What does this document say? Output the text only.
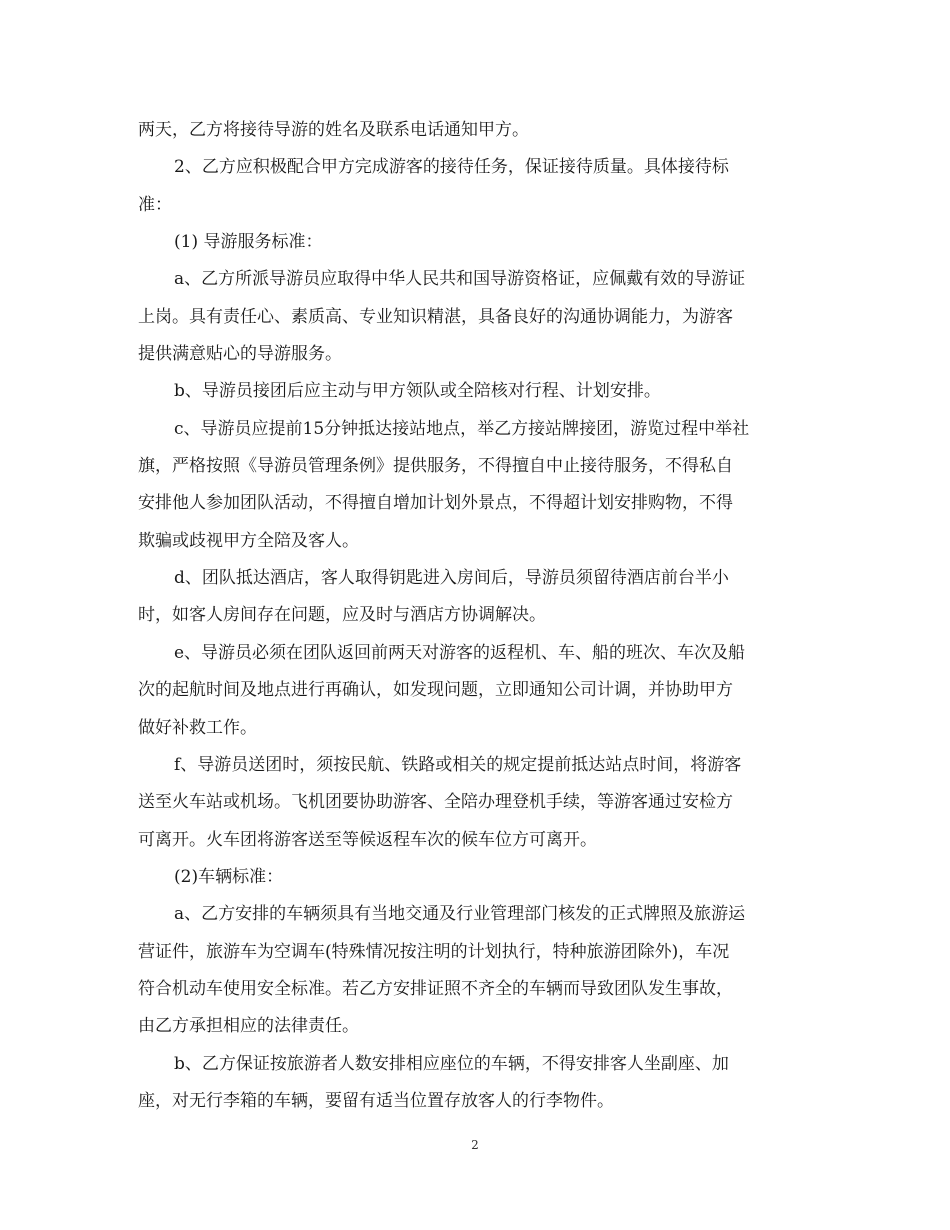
两天，乙方将接待导游的姓名及联系电话通知甲方。
2、乙方应积极配合甲方完成游客的接待任务，保证接待质量。具体接待标
准：
(1) 导游服务标准：
a、乙方所派导游员应取得中华人民共和国导游资格证，应佩戴有效的导游证
上岗。具有责任心、素质高、专业知识精湛，具备良好的沟通协调能力，为游客
提供满意贴心的导游服务。
b、导游员接团后应主动与甲方领队或全陪核对行程、计划安排。
c、导游员应提前15分钟抵达接站地点，举乙方接站牌接团，游览过程中举社
旗，严格按照《导游员管理条例》提供服务，不得擅自中止接待服务，不得私自
安排他人参加团队活动，不得擅自增加计划外景点，不得超计划安排购物，不得
欺骗或歧视甲方全陪及客人。
d、团队抵达酒店，客人取得钥匙进入房间后，导游员须留待酒店前台半小
时，如客人房间存在问题，应及时与酒店方协调解决。
e、导游员必须在团队返回前两天对游客的返程机、车、船的班次、车次及船
次的起航时间及地点进行再确认，如发现问题，立即通知公司计调，并协助甲方
做好补救工作。
f、导游员送团时，须按民航、铁路或相关的规定提前抵达站点时间，将游客
送至火车站或机场。飞机团要协助游客、全陪办理登机手续，等游客通过安检方
可离开。火车团将游客送至等候返程车次的候车位方可离开。
(2)车辆标准：
a、乙方安排的车辆须具有当地交通及行业管理部门核发的正式牌照及旅游运
营证件，旅游车为空调车(特殊情况按注明的计划执行，特种旅游团除外)，车况
符合机动车使用安全标准。若乙方安排证照不齐全的车辆而导致团队发生事故，
由乙方承担相应的法律责任。
b、乙方保证按旅游者人数安排相应座位的车辆，不得安排客人坐副座、加
座，对无行李箱的车辆，要留有适当位置存放客人的行李物件。
2
